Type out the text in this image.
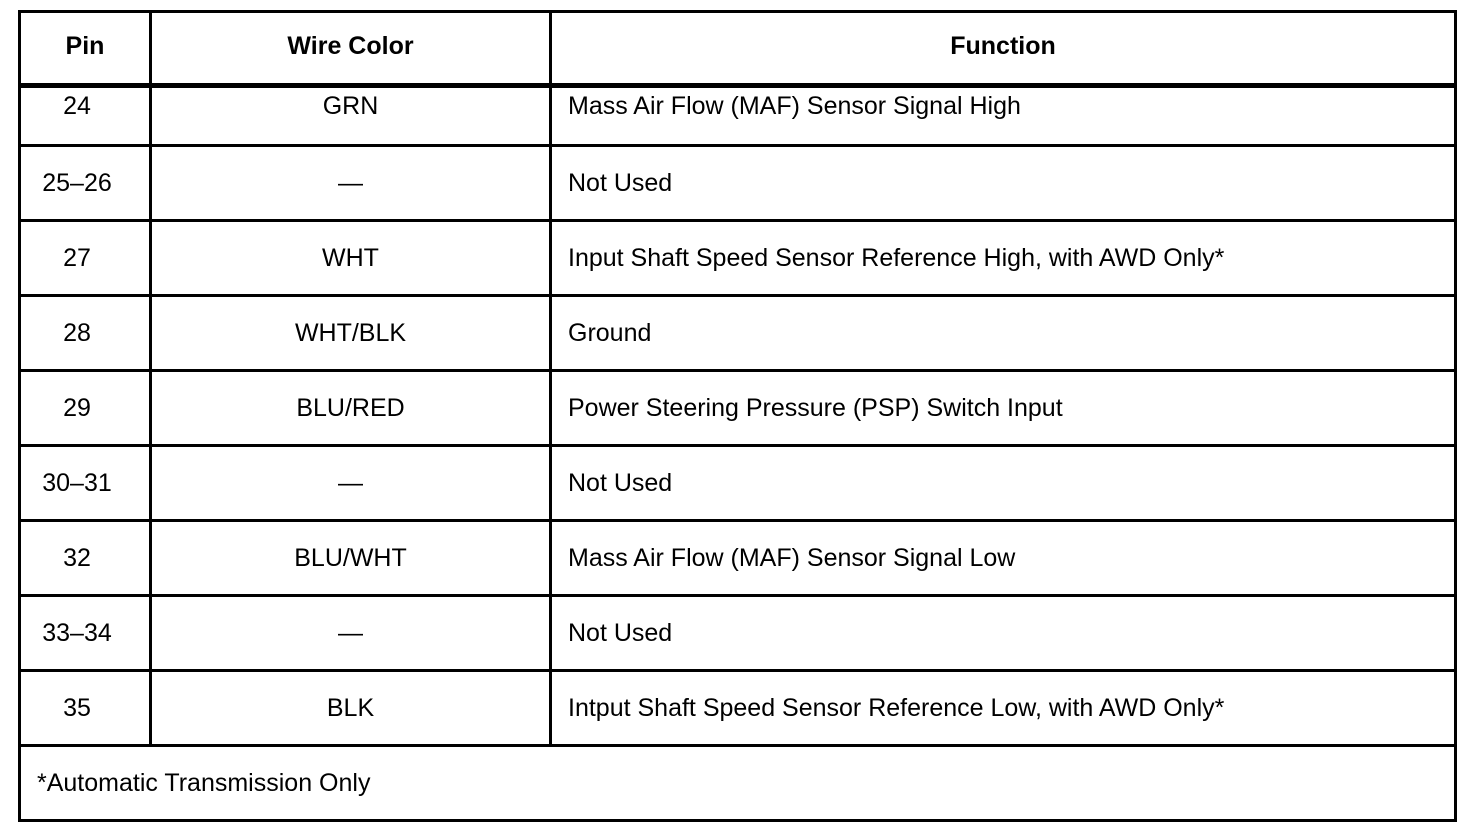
Pin	Wire Color	Function
24	GRN	Mass Air Flow (MAF) Sensor Signal High
25–26	—	Not Used
27	WHT	Input Shaft Speed Sensor Reference High, with AWD Only*
28	WHT/BLK	Ground
29	BLU/RED	Power Steering Pressure (PSP) Switch Input
30–31	—	Not Used
32	BLU/WHT	Mass Air Flow (MAF) Sensor Signal Low
33–34	—	Not Used
35	BLK	Intput Shaft Speed Sensor Reference Low, with AWD Only*
*Automatic Transmission Only		
